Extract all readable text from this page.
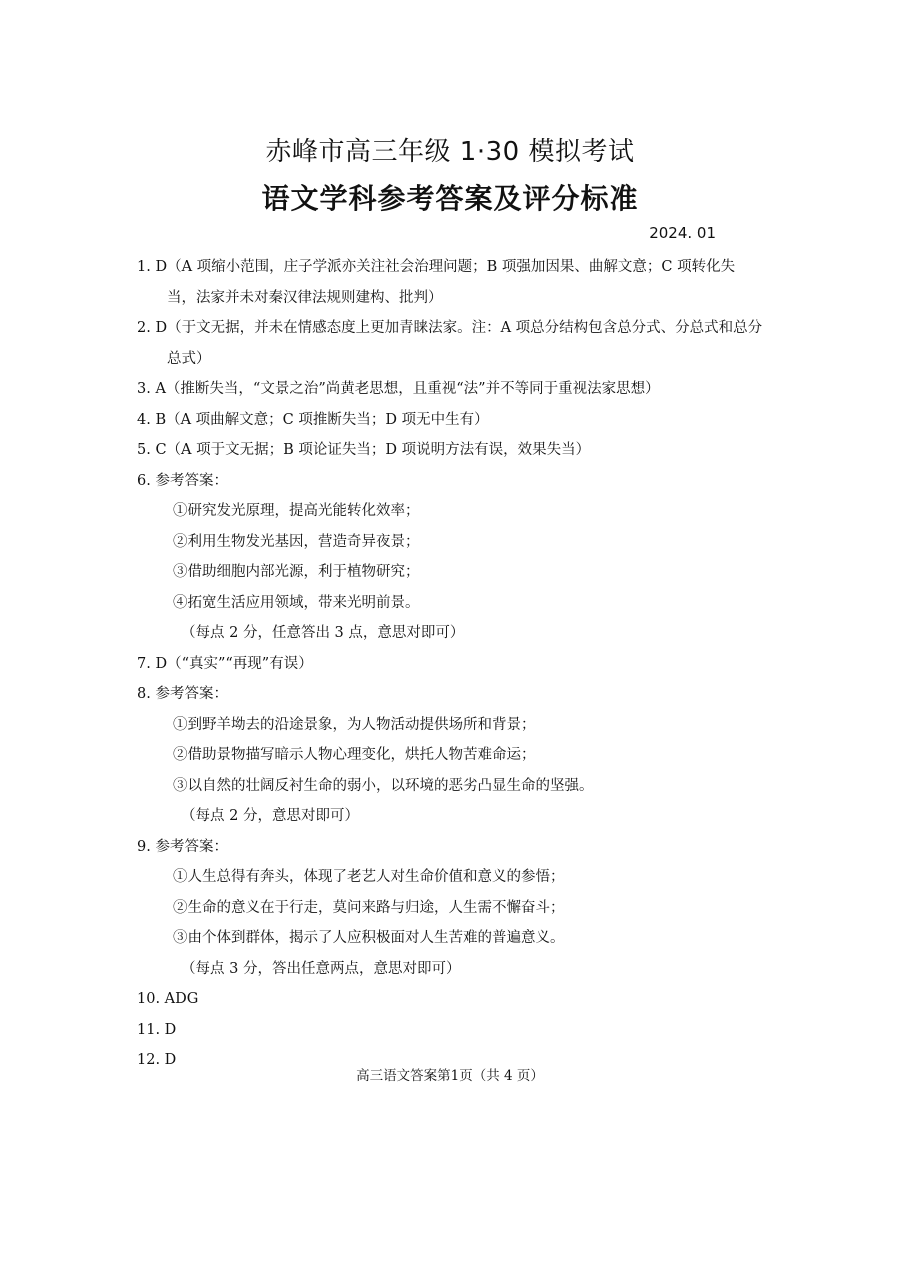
赤峰市高三年级 1·30 模拟考试
语文学科参考答案及评分标准
2024. 01
1. D（A 项缩小范围，庄子学派亦关注社会治理问题；B 项强加因果、曲解文意；C 项转化失
当，法家并未对秦汉律法规则建构、批判）
2. D（于文无据，并未在情感态度上更加青睐法家。注：A 项总分结构包含总分式、分总式和总分
总式）
3. A（推断失当，“文景之治”尚黄老思想，且重视“法”并不等同于重视法家思想）
4. B（A 项曲解文意；C 项推断失当；D 项无中生有）
5. C（A 项于文无据；B 项论证失当；D 项说明方法有误，效果失当）
6. 参考答案：
①研究发光原理，提高光能转化效率；
②利用生物发光基因，营造奇异夜景；
③借助细胞内部光源，利于植物研究；
④拓宽生活应用领域，带来光明前景。
（每点 2 分，任意答出 3 点，意思对即可）
7. D（“真实”“再现”有误）
8. 参考答案：
①到野羊坳去的沿途景象，为人物活动提供场所和背景；
②借助景物描写暗示人物心理变化，烘托人物苦难命运；
③以自然的壮阔反衬生命的弱小，以环境的恶劣凸显生命的坚强。
（每点 2 分，意思对即可）
9. 参考答案：
①人生总得有奔头，体现了老艺人对生命价值和意义的参悟；
②生命的意义在于行走，莫问来路与归途，人生需不懈奋斗；
③由个体到群体，揭示了人应积极面对人生苦难的普遍意义。
（每点 3 分，答出任意两点，意思对即可）
10. ADG
11. D
12. D
高三语文答案第1页（共 4 页）
